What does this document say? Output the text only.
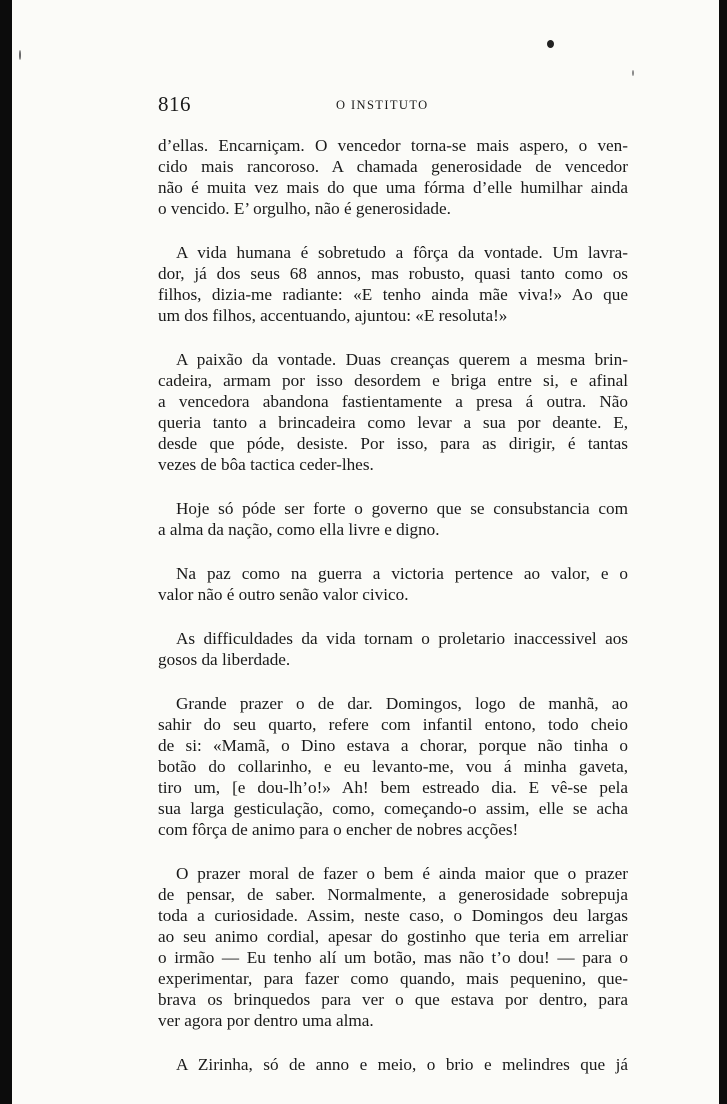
816	O INSTITUTO
d’ellas. Encarniçam. O vencedor torna-se mais aspero, o ven-
cido mais rancoroso. A chamada generosidade de vencedor
não é muita vez mais do que uma fórma d’elle humilhar ainda
o vencido. E’ orgulho, não é generosidade.
A vida humana é sobretudo a fôrça da vontade. Um lavra-
dor, já dos seus 68 annos, mas robusto, quasi tanto como os
filhos, dizia-me radiante: «E tenho ainda mãe viva!» Ao que
um dos filhos, accentuando, ajuntou: «E resoluta!»
A paixão da vontade. Duas creanças querem a mesma brin-
cadeira, armam por isso desordem e briga entre si, e afinal
a vencedora abandona fastientamente a presa á outra. Não
queria tanto a brincadeira como levar a sua por deante. E,
desde que póde, desiste. Por isso, para as dirigir, é tantas
vezes de bôa tactica ceder-lhes.
Hoje só póde ser forte o governo que se consubstancia com
a alma da nação, como ella livre e digno.
Na paz como na guerra a victoria pertence ao valor, e o
valor não é outro senão valor civico.
As difficuldades da vida tornam o proletario inaccessivel aos
gosos da liberdade.
Grande prazer o de dar. Domingos, logo de manhã, ao
sahir do seu quarto, refere com infantil entono, todo cheio
de si: «Mamã, o Dino estava a chorar, porque não tinha o
botão do collarinho, e eu levanto-me, vou á minha gaveta,
tiro um, [e dou-lh’o!» Ah! bem estreado dia. E vê-se pela
sua larga gesticulação, como, começando-o assim, elle se acha
com fôrça de animo para o encher de nobres acções!
O prazer moral de fazer o bem é ainda maior que o prazer
de pensar, de saber. Normalmente, a generosidade sobrepuja
toda a curiosidade. Assim, neste caso, o Domingos deu largas
ao seu animo cordial, apesar do gostinho que teria em arreliar
o irmão — Eu tenho alí um botão, mas não t’o dou! — para o
experimentar, para fazer como quando, mais pequenino, que-
brava os brinquedos para ver o que estava por dentro, para
ver agora por dentro uma alma.
A Zirinha, só de anno e meio, o brio e melindres que já
